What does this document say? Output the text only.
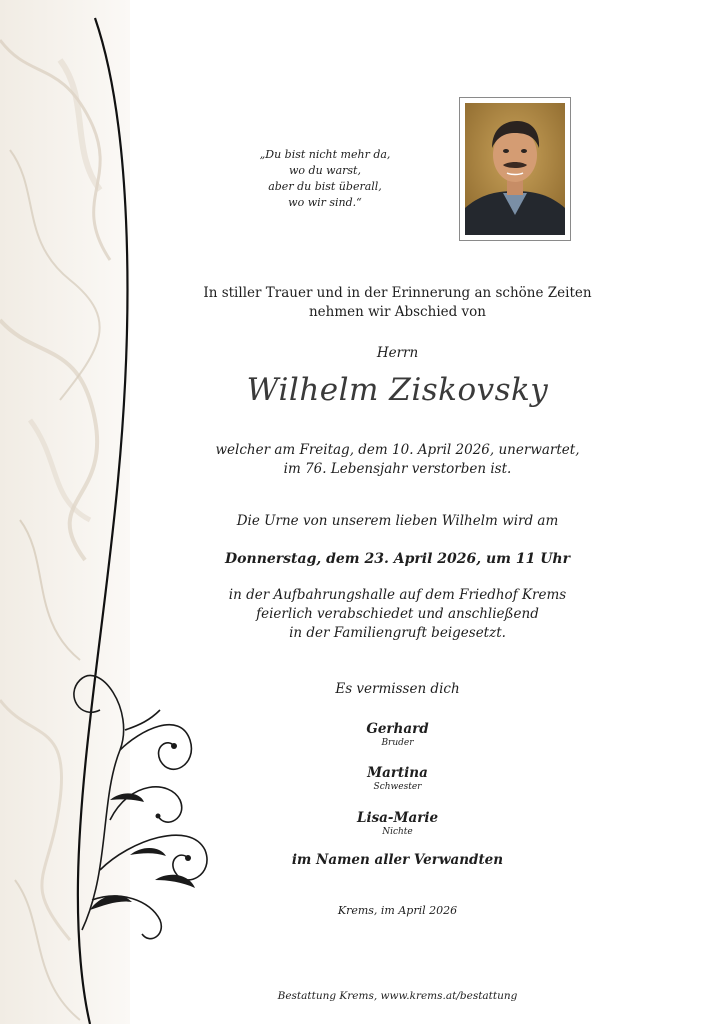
„Du bist nicht mehr da,
wo du warst,
aber du bist überall,
wo wir sind.“
In stiller Trauer und in der Erinnerung an schöne Zeiten
nehmen wir Abschied von
Herrn
Wilhelm Ziskovsky
welcher am Freitag, dem 10. April 2026, unerwartet,
im 76. Lebensjahr verstorben ist.
Die Urne von unserem lieben Wilhelm wird am
Donnerstag, dem 23. April 2026, um 11 Uhr
in der Aufbahrungshalle auf dem Friedhof Krems
feierlich verabschiedet und anschließend
in der Familiengruft beigesetzt.
Es vermissen dich
Gerhard
Bruder
Martina
Schwester
Lisa-Marie
Nichte
im Namen aller Verwandten
Krems, im April 2026
Bestattung Krems, www.krems.at/bestattung
